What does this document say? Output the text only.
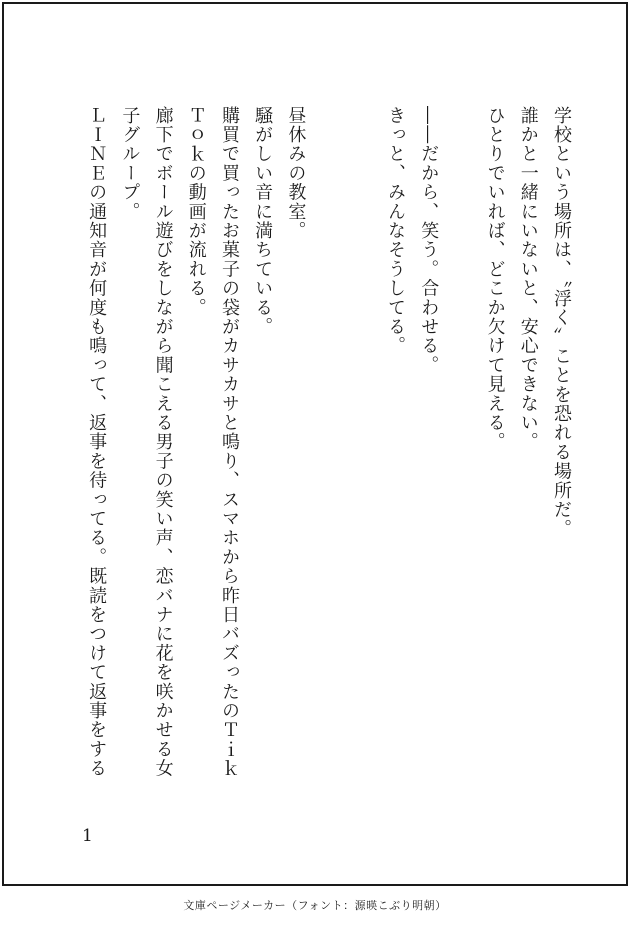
学校という場所は、〝浮く〟ことを恐れる場所だ。
誰かと一緒にいないと、安心できない。
ひとりでいれば、どこか欠けて見える。
――だから、笑う。合わせる。
きっと、みんなそうしてる。
昼休みの教室。
騒がしい音に満ちている。
購買で買ったお菓子の袋がカサカサと鳴り、スマホから昨日バズったのＴｉｋ
Ｔｏｋの動画が流れる。
廊下でボール遊びをしながら聞こえる男子の笑い声、恋バナに花を咲かせる女
子グループ。
ＬＩＮＥの通知音が何度も鳴って、返事を待ってる。既読をつけて返事をする
1
文庫ページメーカー（フォント：源暎こぶり明朝）
